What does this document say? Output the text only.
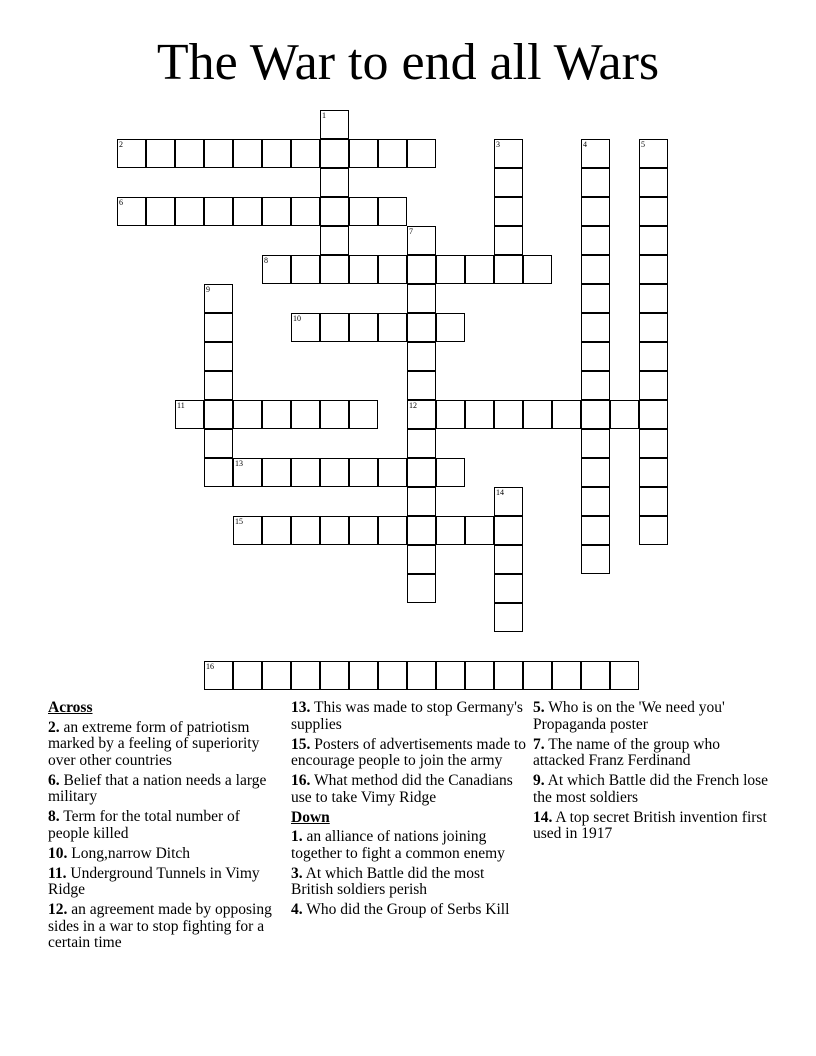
The War to end all Wars
1
2	3	4	5
6
7
12
8
9
10
11
13
14
15
16
Across
2. an extreme form of patriotism marked by a feeling of superiority over other countries
6. Belief that a nation needs a large military
8. Term for the total number of people killed
10. Long,narrow Ditch
11. Underground Tunnels in Vimy Ridge
12. an agreement made by opposing sides in a war to stop fighting for a certain time
13. This was made to stop Germany's supplies
15. Posters of advertisements made to encourage people to join the army
16. What method did the Canadians use to take Vimy Ridge
Down
1. an alliance of nations joining together to fight a common enemy
3. At which Battle did the most British soldiers perish
4. Who did the Group of Serbs Kill
5. Who is on the 'We need you' Propaganda poster
7. The name of the group who attacked Franz Ferdinand
9. At which Battle did the French lose the most soldiers
14. A top secret British invention first used in 1917
